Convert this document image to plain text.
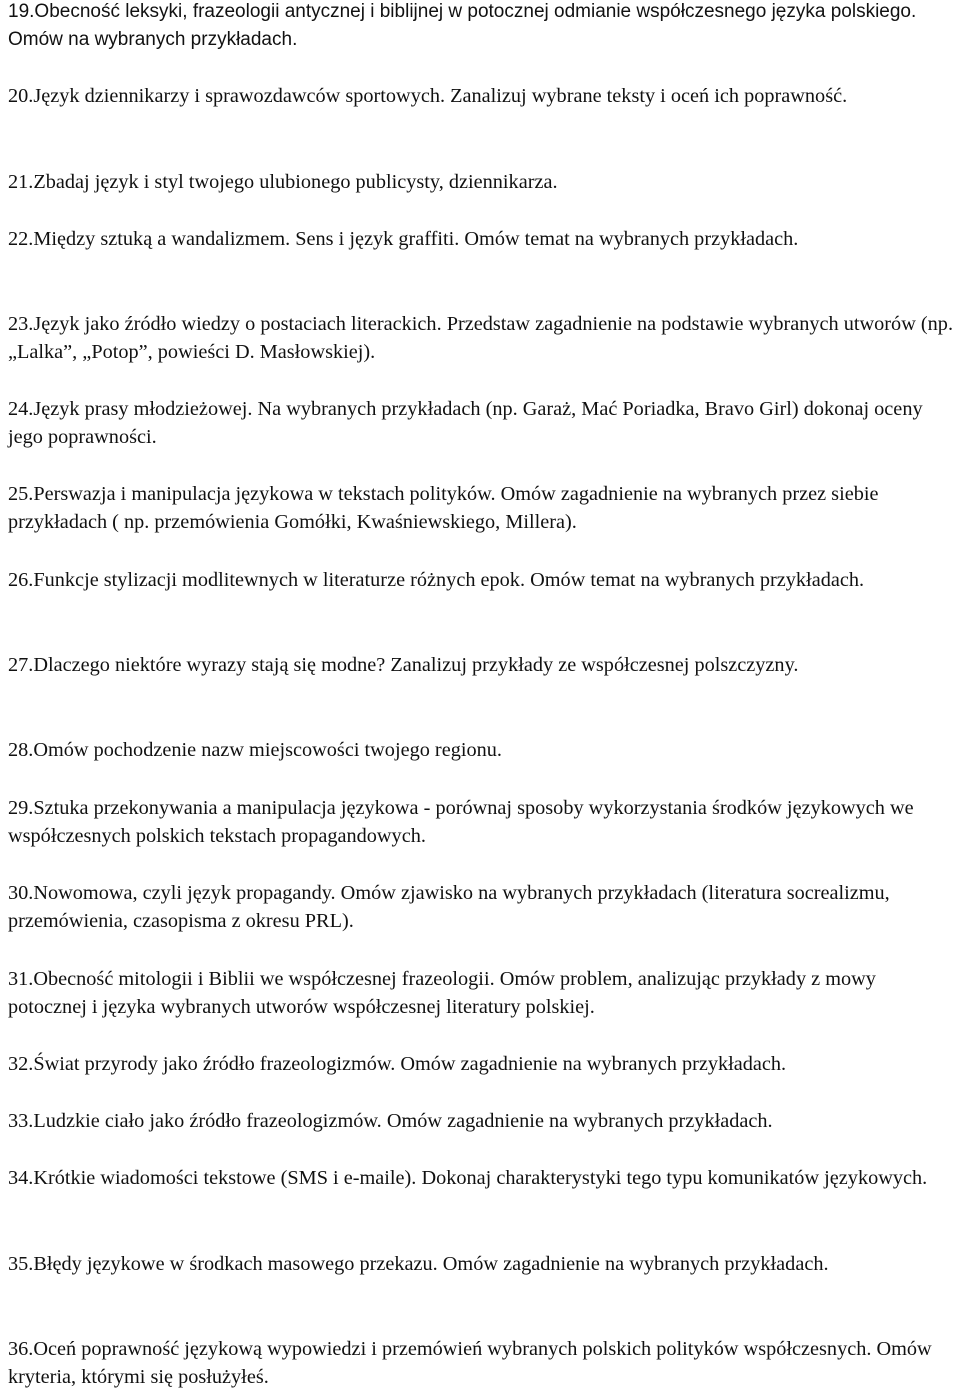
19.Obecność leksyki, frazeologii antycznej i biblijnej w potocznej odmianie współczesnego języka polskiego. Omów na wybranych przykładach.

20.Język dziennikarzy i sprawozdawców sportowych. Zanalizuj wybrane teksty i oceń ich poprawność.

21.Zbadaj język i styl twojego ulubionego publicysty, dziennikarza.

22.Między sztuką a wandalizmem. Sens i język graffiti. Omów temat na wybranych przykładach.

23.Język jako źródło wiedzy o postaciach literackich. Przedstaw zagadnienie na podstawie wybranych utworów (np. „Lalka”, „Potop”, powieści D. Masłowskiej).

24.Język prasy młodzieżowej. Na wybranych przykładach (np. Garaż, Mać Poriadka, Bravo Girl) dokonaj oceny jego poprawności.

25.Perswazja i manipulacja językowa w tekstach polityków. Omów zagadnienie na wybranych przez siebie przykładach ( np. przemówienia Gomółki, Kwaśniewskiego, Millera).

26.Funkcje stylizacji modlitewnych w literaturze różnych epok. Omów temat na wybranych przykładach.

27.Dlaczego niektóre wyrazy stają się modne? Zanalizuj przykłady ze współczesnej polszczyzny.

28.Omów pochodzenie nazw miejscowości twojego regionu.

29.Sztuka przekonywania a manipulacja językowa - porównaj sposoby wykorzystania środków językowych we współczesnych polskich tekstach propagandowych.

30.Nowomowa, czyli język propagandy. Omów zjawisko na wybranych przykładach (literatura socrealizmu, przemówienia, czasopisma z okresu PRL).

31.Obecność mitologii i Biblii we współczesnej frazeologii. Omów problem, analizując przykłady z mowy potocznej i języka wybranych utworów współczesnej literatury polskiej.

32.Świat przyrody jako źródło frazeologizmów. Omów zagadnienie na wybranych przykładach.

33.Ludzkie ciało jako źródło frazeologizmów. Omów zagadnienie na wybranych przykładach.

34.Krótkie wiadomości tekstowe (SMS i e-maile). Dokonaj charakterystyki tego typu komunikatów językowych.

35.Błędy językowe w środkach masowego przekazu. Omów zagadnienie na wybranych przykładach.

36.Oceń poprawność językową wypowiedzi i przemówień wybranych polskich polityków współczesnych. Omów kryteria, którymi się posłużyłeś.
